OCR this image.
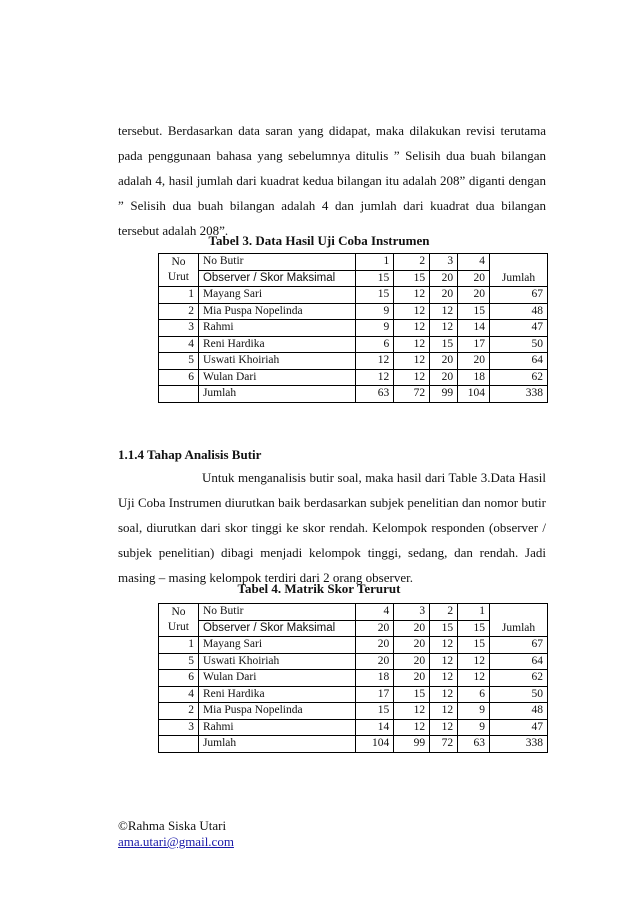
tersebut. Berdasarkan data saran yang didapat, maka dilakukan revisi terutama
pada penggunaan bahasa yang sebelumnya ditulis ” Selisih dua buah bilangan
adalah 4, hasil jumlah dari kuadrat kedua bilangan itu adalah 208” diganti dengan
” Selisih dua buah bilangan adalah 4 dan jumlah dari kuadrat dua bilangan
tersebut adalah 208”.

Tabel 3. Data Hasil Uji Coba Instrumen

No
Urut	No Butir	1	2	3	4	Jumlah
	Observer / Skor Maksimal	15	15	20	20	
1	Mayang Sari	15	12	20	20	67
2	Mia Puspa Nopelinda	9	12	12	15	48
3	Rahmi	9	12	12	14	47
4	Reni Hardika	6	12	15	17	50
5	Uswati Khoiriah	12	12	20	20	64
6	Wulan Dari	12	12	20	18	62
	Jumlah	63	72	99	104	338

1.1.4 Tahap Analisis Butir

Untuk menganalisis butir soal, maka hasil dari Table 3.Data Hasil
Uji Coba Instrumen diurutkan baik berdasarkan subjek penelitian dan nomor butir
soal, diurutkan dari skor tinggi ke skor rendah. Kelompok responden (observer /
subjek penelitian) dibagi menjadi kelompok tinggi, sedang, dan rendah. Jadi
masing – masing kelompok terdiri dari 2 orang observer.

Tabel 4. Matrik Skor Terurut

No
Urut	No Butir	4	3	2	1	Jumlah
	Observer / Skor Maksimal	20	20	15	15	
1	Mayang Sari	20	20	12	15	67
5	Uswati Khoiriah	20	20	12	12	64
6	Wulan Dari	18	20	12	12	62
4	Reni Hardika	17	15	12	6	50
2	Mia Puspa Nopelinda	15	12	12	9	48
3	Rahmi	14	12	12	9	47
	Jumlah	104	99	72	63	338
©Rahma Siska Utari
ama.utari@gmail.com
